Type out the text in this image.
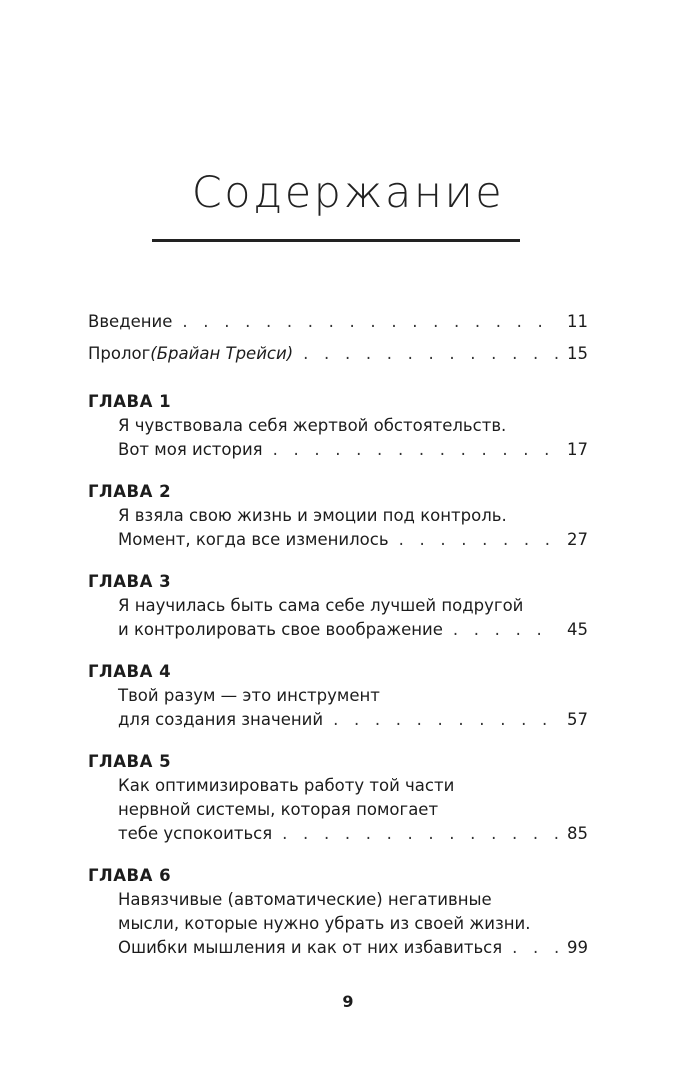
Содержание
Введение . . .	11
Пролог (Брайан Трейси) . . .	15
ГЛАВА 1
Я чувствовала себя жертвой обстоятельств.
Вот моя история . . .	17
ГЛАВА 2
Я взяла свою жизнь и эмоции под контроль.
Момент, когда все изменилось . . .	27
ГЛАВА 3
Я научилась быть сама себе лучшей подругой
и контролировать свое воображение . . .	45
ГЛАВА 4
Твой разум — это инструмент
для создания значений . . .	57
ГЛАВА 5
Как оптимизировать работу той части
нервной системы, которая помогает
тебе успокоиться . . .	85
ГЛАВА 6
Навязчивые (автоматические) негативные
мысли, которые нужно убрать из своей жизни.
Ошибки мышления и как от них избавиться . . .	99
9
